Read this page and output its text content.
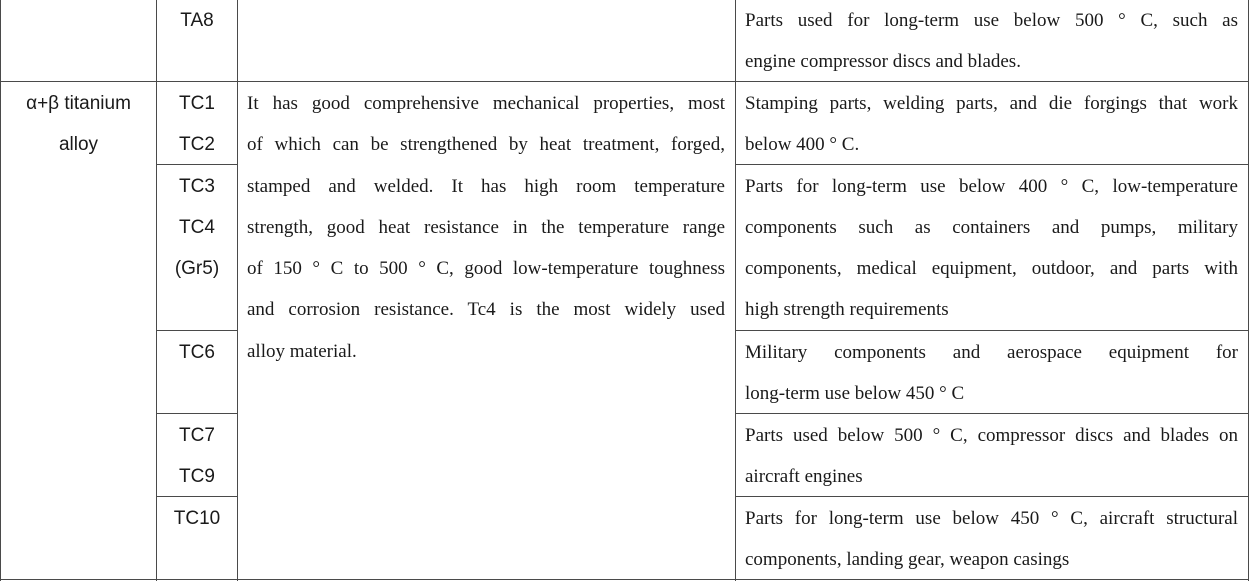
TA8	Parts used for long-term use below 500 ° C, such as
engine compressor discs and blades.
α+β titanium
alloy
TC1
TC2
TC3
TC4
(Gr5)
TC6
TC7
TC9
TC10
It has good comprehensive mechanical properties, most
of which can be strengthened by heat treatment, forged,
stamped and welded. It has high room temperature
strength, good heat resistance in the temperature range
of 150 ° C to 500 ° C, good low-temperature toughness
and corrosion resistance. Tc4 is the most widely used
alloy material.
Stamping parts, welding parts, and die forgings that work
below 400 ° C.
Parts for long-term use below 400 ° C, low-temperature
components such as containers and pumps, military
components, medical equipment, outdoor, and parts with
high strength requirements
Military components and aerospace equipment for
long-term use below 450 ° C
Parts used below 500 ° C, compressor discs and blades on
aircraft engines
Parts for long-term use below 450 ° C, aircraft structural
components, landing gear, weapon casings
